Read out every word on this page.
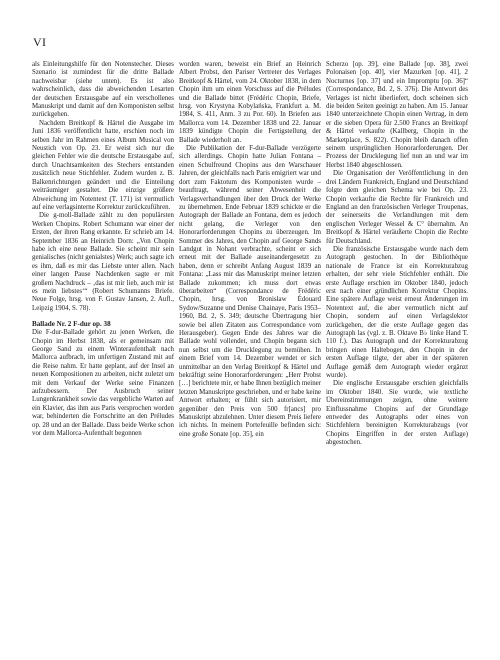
VI

als Einleitungshilfe für den Notenstecher. Dieses Szenario ist zumindest für die dritte Ballade nachweisbar (siehe unten). Es ist also wahrscheinlich, dass die abweichenden Lesarten der deutschen Erstausgabe auf ein verschollenes Manuskript und damit auf den Komponisten selbst zurückgehen.

Nachdem Breitkopf & Härtel die Ausgabe im Juni 1836 veröffentlicht hatte, erschien noch im selben Jahr im Rahmen eines Album Musical von Neustich von Op. 23. Er weist sich nur die gleichen Fehler wie die deutsche Erstausgabe auf, durch Unachtsamkeiten des Stechers entstanden zusätzlich neue Stichfehler. Zudem wurden z. B. Balkenrichtungen geändert und die Einteilung weiträumiger gestaltet. Die einzige größere Abweichung im Notentext (T. 171) ist vermutlich auf eine verlagsinterne Korrektur zurückzuführen.

Die g-moll-Ballade zählt zu den populärsten Werken Chopins. Robert Schumann war einer der Ersten, der ihren Rang erkannte. Er schrieb am 14. September 1836 an Heinrich Dorn: „Von Chopin habe ich eine neue Ballade. Sie scheint mir sein genialisches (nicht genialstes) Werk; auch sagte ich es ihm, daß es mir das Liebste unter allen. Nach einer langen Pause Nachdenken sagte er mit großem Nachdruck – ‚das ist mir lieb, auch mir ist es mein liebstes‘“ (Robert Schumanns Briefe. Neue Folge, hrsg. von F. Gustav Jansen, 2. Aufl., Leipzig 1904, S. 78).

Ballade Nr. 2 F-dur op. 38

Die F-dur-Ballade gehört zu jenen Werken, die Chopin im Herbst 1838, als er gemeinsam mit George Sand zu einem Winteraufenthalt nach Mallorca aufbrach, im unfertigen Zustand mit auf die Reise nahm. Er hatte geplant, auf der Insel an neuen Kompositionen zu arbeiten, nicht zuletzt um mit dem Verkauf der Werke seine Finanzen aufzubessern. Der Ausbruch seiner Lungenkrankheit sowie das vergebliche Warten auf ein Klavier, das ihm aus Paris versprochen worden war, behinderten die Fortschritte an den Préludes op. 28 und an der Ballade. Dass beide Werke schon vor dem Mallorca-Aufenthalt begonnen

worden waren, beweist ein Brief an Heinrich Albert Probst, den Pariser Vertreter des Verlages Breitkopf & Härtel, vom 24. Oktober 1838, in dem Chopin ihm um einen Vorschuss auf die Préludes und die Ballade bittet (Frédéric Chopin, Briefe, hrsg. von Krystyna Kobylańska, Frankfurt a. M. 1984, S. 411, Anm. 3 zu Por. 60). In Briefen aus Mallorca vom 14. Dezember 1838 und 22. Januar 1839 kündigte Chopin die Fertigstellung der Ballade wiederholt an.

Die Publikation der F-dur-Ballade verzögerte sich allerdings. Chopin hatte Julian Fontana – einen Schulfreund Chopins aus den Warschauer Jahren, der gleichfalls nach Paris emigriert war und dort zum Faktotum des Komponisten wurde – beauftragt, während seiner Abwesenheit die Verlagsverhandlungen über den Druck der Werke zu übernehmen. Ende Februar 1839 schickte er die Autograph der Ballade an Fontana, dem es jedoch nicht gelang, die Verleger von den Honorarforderungen Chopins zu überzeugen. Im Sommer des Jahres, den Chopin auf George Sands Landgut in Nohant verbrachte, scheint er sich erneut mit der Ballade auseinandergesetzt zu haben, denn er schreibt Anfang August 1839 an Fontana: „Lass mir das Manuskript meiner letzten Ballade zukommen; ich muss dort etwas überarbeiten“ (Correspondance de Frédéric Chopin, hrsg. von Bronisław Édouard Sydow/Suzanne und Denise Chainaye, Paris 1953–1960, Bd. 2, S. 349; deutsche Übertragung hier sowie bei allen Zitaten aus Correspondance vom Herausgeber). Gegen Ende des Jahres war die Ballade wohl vollendet, und Chopin begann sich nun selbst um die Drucklegung zu bemühen. In einem Brief vom 14. Dezember wendet er sich unmittelbar an den Verlag Breitkopf & Härtel und bekräftigt seine Honorarforderungen: „Herr Probst […] berichtete mir, er habe Ihnen bezüglich meiner letzten Manuskripte geschrieben, und er habe keine Antwort erhalten; er fühlt sich autorisiert, mir gegenüber den Preis von 500 fr[ancs] pro Manuskript abzulehnen. Unter diesem Preis liefere ich nichts. In meinem Portefeuille befinden sich: eine große Sonate [op. 35], ein

Scherzo [op. 39], eine Ballade [op. 38], zwei Polonaisen [op. 40], vier Mazurken [op. 41], 2 Nocturnes [op. 37] und ein Impromptu [op. 36]“ (Correspondance, Bd. 2, S. 376). Die Antwort des Verlages ist nicht überliefert, doch scheinen sich die beiden Seiten geeinigt zu haben. Am 15. Januar 1840 unterzeichnete Chopin einen Vertrag, in dem er die sieben Opera für 2.500 Francs an Breitkopf & Härtel verkaufte (Kallberg, Chopin in the Marketplace, S. 822). Chopin bleib danach offen seinem ursprünglichen Honorarforderungen. Der Prozess der Drucklegung lief nun an und war im Herbst 1840 abgeschlossen.

Die Organisation der Veröffentlichung in den drei Ländern Frankreich, England und Deutschland folgte dem gleichen Schema wie bei Op. 23. Chopin verkaufte die Rechte für Frankreich und England an den französischen Verleger Troupenas, der seinerseits die Verlandlungen mit dem englischen Verleger Wessel & C° übernahm. An Breitkopf & Härtel veräußerte Chopin die Rechte für Deutschland.

Die französische Erstausgabe wurde nach dem Autograph gestochen. In der Bibliothèque nationale de France ist ein Korrekturabzug erhalten, der sehr viele Stichfehler enthält. Die erste Auflage erschien im Oktober 1840, jedoch erst nach einer gründlichen Korrektur Chopins. Eine spätere Auflage weist erneut Änderungen im Notentext auf, die aber vermutlich nicht auf Chopin, sondern auf einen Verlagslektor zurückgehen, der die erste Auflage gegen das Autograph las (vgl. z. B. Oktave B♭ linke Hand T. 110 f.). Das Autograph und der Korrekturabzug bringen einen Haltebogen, den Chopin in der ersten Auflage tilgte, der aber in der späteren Auflage gemäß dem Autograph wieder ergänzt wurde).

Die englische Erstausgabe erschien gleichfalls im Oktober 1840. Sie wurde, wie textliche Übereinstimmungen zeigen, ohne weitere Einflussnahme Chopins auf der Grundlage entweder des Autographs oder eines von Stichfehlern bereinigten Korrekturabzugs (vor Chopins Eingriffen in der ersten Auflage) abgestochen.
